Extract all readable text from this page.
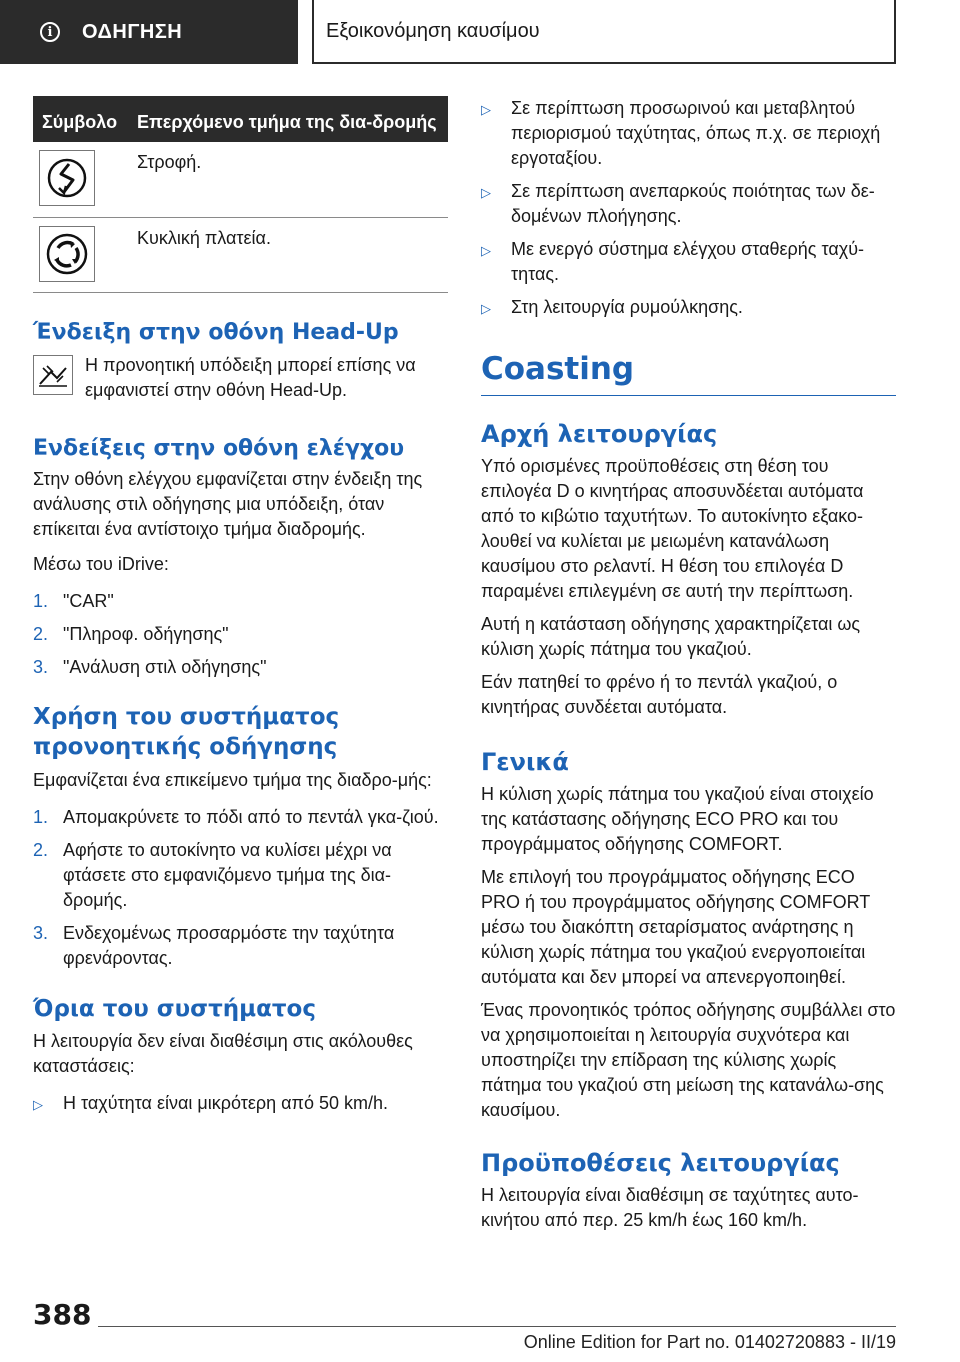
i	ΟΔΗΓΗΣΗ	Εξοικονόμηση καυσίμου
Σύμβολο	Επερχόμενο τμήμα της δια-δρομής

	Στροφή.

	Κυκλική πλατεία.
Ένδειξη στην οθόνη Head-Up

Η προνοητική υπόδειξη μπορεί επίσης να εμφανιστεί στην οθόνη Head-Up.

Ενδείξεις στην οθόνη ελέγχου

Στην οθόνη ελέγχου εμφανίζεται στην ένδειξη της ανάλυσης στιλ οδήγησης μια υπόδειξη, όταν επίκειται ένα αντίστοιχο τμήμα διαδρομής.

Μέσω του iDrive:

1. "CAR"
2. "Πληροφ. οδήγησης"
3. "Ανάλυση στιλ οδήγησης"
Χρήση του συστήματος προνοητικής οδήγησης

Εμφανίζεται ένα επικείμενο τμήμα της διαδρο-μής:

1. Απομακρύνετε το πόδι από το πεντάλ γκα-ζιού.
2. Αφήστε το αυτοκίνητο να κυλίσει μέχρι να φτάσετε στο εμφανιζόμενο τμήμα της δια-δρομής.
3. Ενδεχομένως προσαρμόστε την ταχύτητα φρενάροντας.
Όρια του συστήματος

Η λειτουργία δεν είναι διαθέσιμη στις ακόλουθες καταστάσεις:

▷	Η ταχύτητα είναι μικρότερη από 50 km/h.
▷	Σε περίπτωση προσωρινού και μεταβλητού περιορισμού ταχύτητας, όπως π.χ. σε περιοχή εργοταξίου.
▷	Σε περίπτωση ανεπαρκούς ποιότητας των δε-δομένων πλοήγησης.
▷	Με ενεργό σύστημα ελέγχου σταθερής ταχύ-τητας.
▷	Στη λειτουργία ρυμούλκησης.
Coasting
Αρχή λειτουργίας

Υπό ορισμένες προϋποθέσεις στη θέση του επιλογέα D ο κινητήρας αποσυνδέεται αυτόματα από το κιβώτιο ταχυτήτων. Το αυτοκίνητο εξακο-λουθεί να κυλίεται με μειωμένη κατανάλωση καυσίμου στο ρελαντί. Η θέση του επιλογέα D παραμένει επιλεγμένη σε αυτή την περίπτωση.

Αυτή η κατάσταση οδήγησης χαρακτηρίζεται ως κύλιση χωρίς πάτημα του γκαζιού.

Εάν πατηθεί το φρένο ή το πεντάλ γκαζιού, ο κινητήρας συνδέεται αυτόματα.

Γενικά

Η κύλιση χωρίς πάτημα του γκαζιού είναι στοιχείο της κατάστασης οδήγησης ECO PRO και του προγράμματος οδήγησης COMFORT.

Με επιλογή του προγράμματος οδήγησης ECO PRO ή του προγράμματος οδήγησης COMFORT μέσω του διακόπτη σεταρίσματος ανάρτησης η κύλιση χωρίς πάτημα του γκαζιού ενεργοποιείται αυτόματα και δεν μπορεί να απενεργοποιηθεί.

Ένας προνοητικός τρόπος οδήγησης συμβάλλει στο να χρησιμοποιείται η λειτουργία συχνότερα και υποστηρίζει την επίδραση της κύλισης χωρίς πάτημα του γκαζιού στη μείωση της κατανάλω-σης καυσίμου.

Προϋποθέσεις λειτουργίας

Η λειτουργία είναι διαθέσιμη σε ταχύτητες αυτο-κινήτου από περ. 25 km/h έως 160 km/h.

388
Online Edition for Part no. 01402720883 - II/19
